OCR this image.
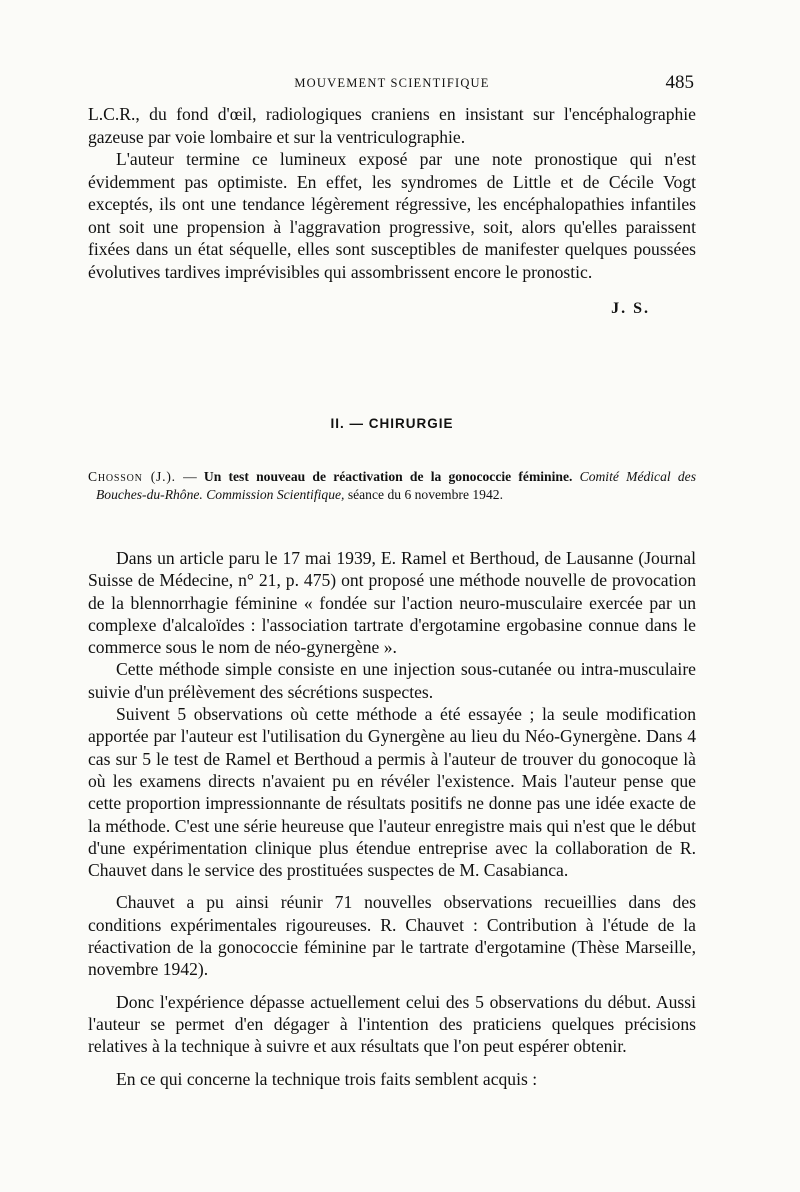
MOUVEMENT SCIENTIFIQUE	485

L.C.R., du fond d'œil, radiologiques craniens en insistant sur l'encéphalographie gazeuse par voie lombaire et sur la ventriculographie.

L'auteur termine ce lumineux exposé par une note pronostique qui n'est évidemment pas optimiste. En effet, les syndromes de Little et de Cécile Vogt exceptés, ils ont une tendance légèrement régressive, les encéphalopathies infantiles ont soit une propension à l'aggravation progressive, soit, alors qu'elles paraissent fixées dans un état séquelle, elles sont susceptibles de manifester quelques poussées évolutives tardives imprévisibles qui assombrissent encore le pronostic.

J. S.
II. — CHIRURGIE

Chosson (J.). — Un test nouveau de réactivation de la gonococcie féminine. Comité Médical des Bouches-du-Rhône. Commission Scientifique, séance du 6 novembre 1942.

Dans un article paru le 17 mai 1939, E. Ramel et Berthoud, de Lausanne (Journal Suisse de Médecine, n° 21, p. 475) ont proposé une méthode nouvelle de provocation de la blennorrhagie féminine « fondée sur l'action neuro-musculaire exercée par un complexe d'alcaloïdes : l'association tartrate d'ergotamine ergobasine connue dans le commerce sous le nom de néo-gynergène ».

Cette méthode simple consiste en une injection sous-cutanée ou intra-musculaire suivie d'un prélèvement des sécrétions suspectes.

Suivent 5 observations où cette méthode a été essayée ; la seule modification apportée par l'auteur est l'utilisation du Gynergène au lieu du Néo-Gynergène. Dans 4 cas sur 5 le test de Ramel et Berthoud a permis à l'auteur de trouver du gonocoque là où les examens directs n'avaient pu en révéler l'existence. Mais l'auteur pense que cette proportion impressionnante de résultats positifs ne donne pas une idée exacte de la méthode. C'est une série heureuse que l'auteur enregistre mais qui n'est que le début d'une expérimentation clinique plus étendue entreprise avec la collaboration de R. Chauvet dans le service des prostituées suspectes de M. Casabianca.

Chauvet a pu ainsi réunir 71 nouvelles observations recueillies dans des conditions expérimentales rigoureuses. R. Chauvet : Contribution à l'étude de la réactivation de la gonococcie féminine par le tartrate d'ergotamine (Thèse Marseille, novembre 1942).

Donc l'expérience dépasse actuellement celui des 5 observations du début. Aussi l'auteur se permet d'en dégager à l'intention des praticiens quelques précisions relatives à la technique à suivre et aux résultats que l'on peut espérer obtenir.

En ce qui concerne la technique trois faits semblent acquis :
